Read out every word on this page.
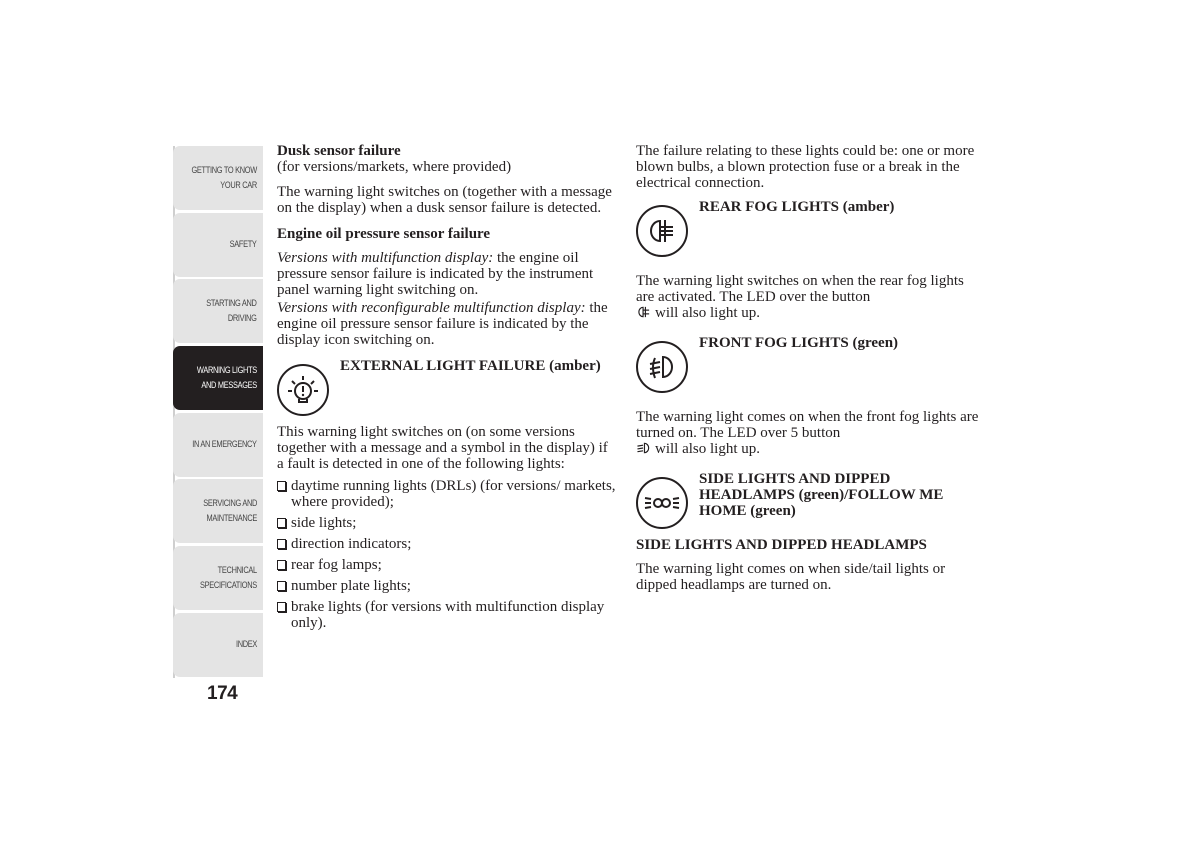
GETTING TO KNOW
YOUR CAR
SAFETY
STARTING AND
DRIVING
WARNING LIGHTS
AND MESSAGES
IN AN EMERGENCY
SERVICING AND
MAINTENANCE
TECHNICAL
SPECIFICATIONS
INDEX
174

Dusk sensor failure

(for versions/markets, where provided)

The warning light switches on (together with a message on the display) when a dusk sensor failure is detected.

Engine oil pressure sensor failure

Versions with multifunction display: the engine oil pressure sensor failure is indicated by the instrument panel warning light switching on.

Versions with reconfigurable multifunction display: the engine oil pressure sensor failure is indicated by the display icon switching on.

EXTERNAL LIGHT FAILURE (amber)

This warning light switches on (on some versions together with a message and a symbol in the display) if a fault is detected in one of the following lights:

daytime running lights (DRLs) (for versions/ markets, where provided);
side lights;
direction indicators;
rear fog lamps;
number plate lights;
brake lights (for versions with multifunction display only).

The failure relating to these lights could be: one or more blown bulbs, a blown protection fuse or a break in the electrical connection.

REAR FOG LIGHTS (amber)

The warning light switches on when the rear fog lights are activated. The LED over the button
will also light up.

FRONT FOG LIGHTS (green)

The warning light comes on when the front fog lights are turned on. The LED over 5 button
will also light up.

SIDE LIGHTS AND DIPPED HEADLAMPS (green)/FOLLOW ME HOME (green)

SIDE LIGHTS AND DIPPED HEADLAMPS

The warning light comes on when side/tail lights or dipped headlamps are turned on.
